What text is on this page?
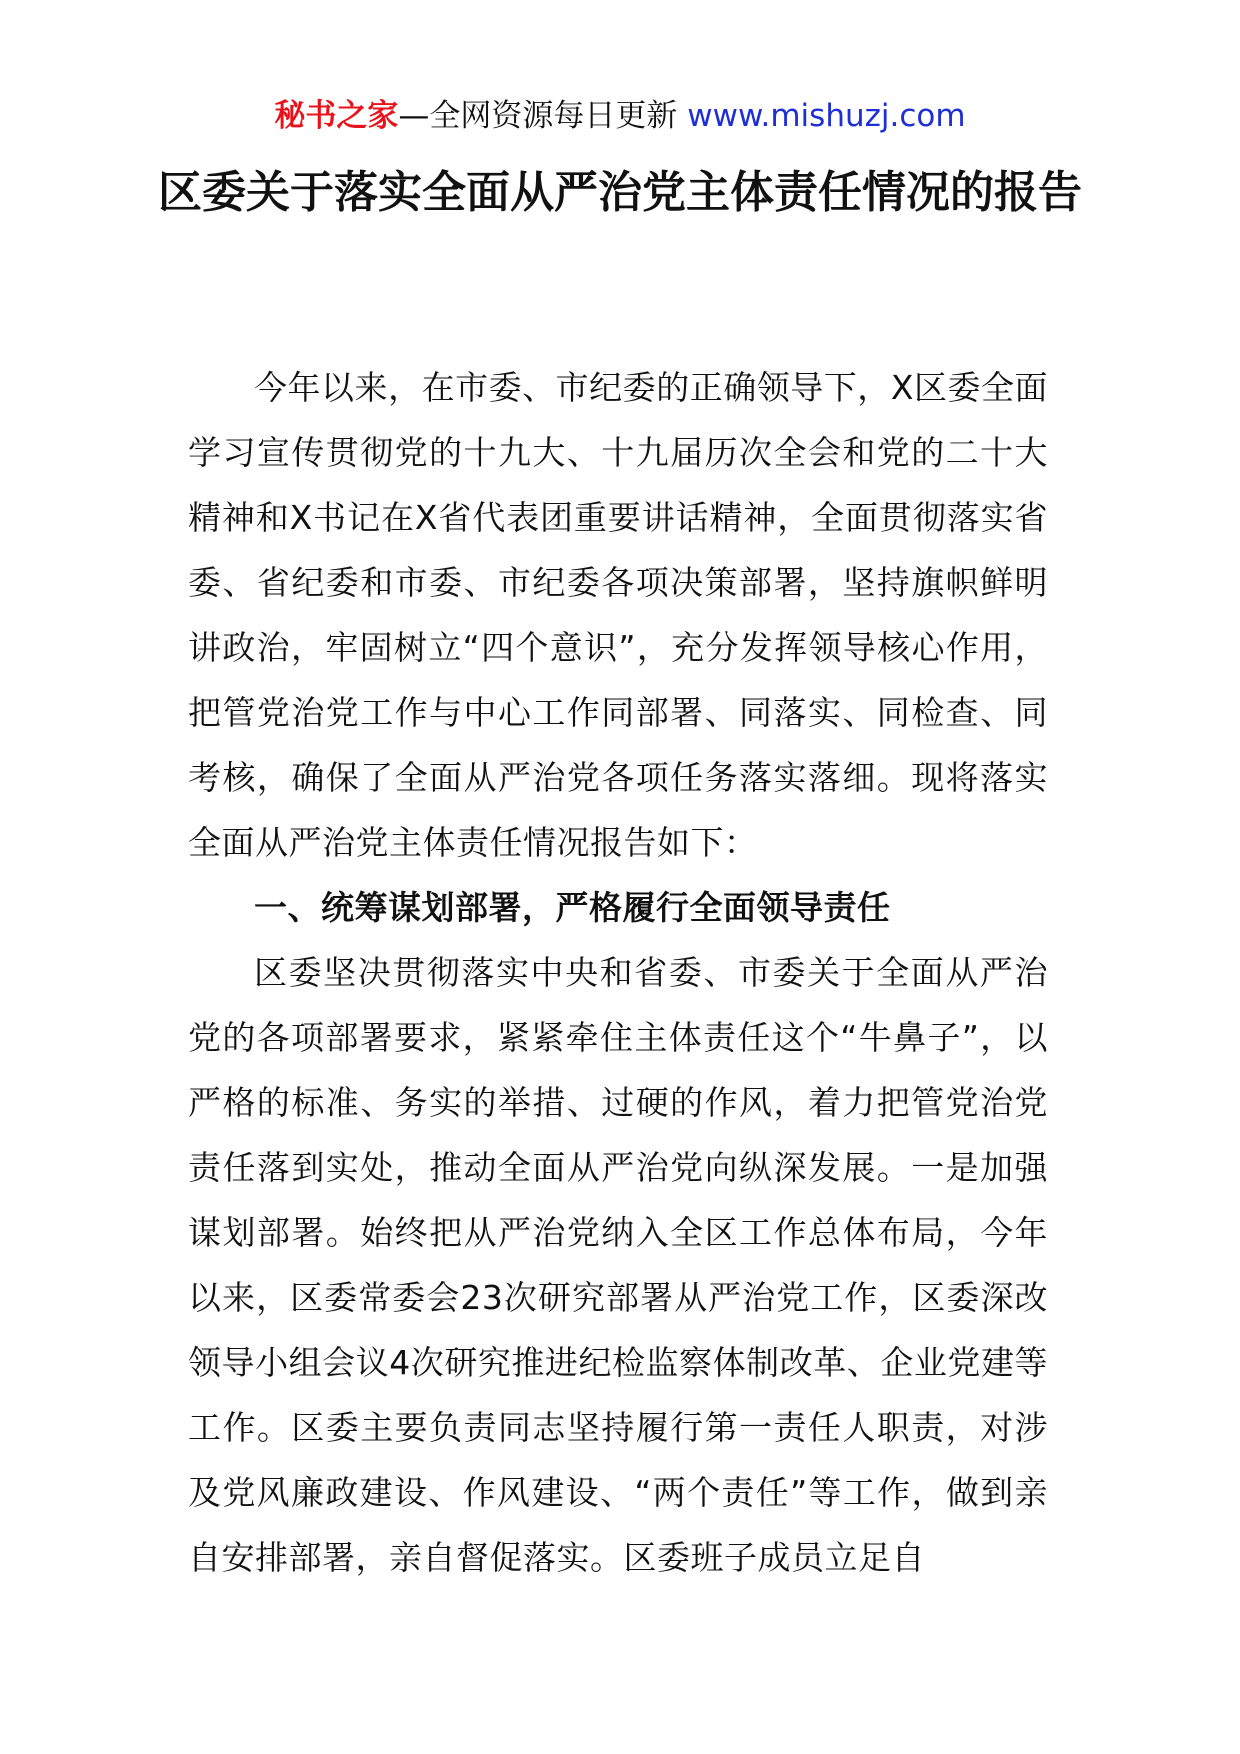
秘书之家—全网资源每日更新 www.mishuzj.com
区委关于落实全面从严治党主体责任情况的报告

今年以来，在市委、市纪委的正确领导下，X区委全面学习宣传贯彻党的十九大、十九届历次全会和党的二十大精神和X书记在X省代表团重要讲话精神，全面贯彻落实省委、省纪委和市委、市纪委各项决策部署，坚持旗帜鲜明讲政治，牢固树立“四个意识”，充分发挥领导核心作用，把管党治党工作与中心工作同部署、同落实、同检查、同考核，确保了全面从严治党各项任务落实落细。现将落实全面从严治党主体责任情况报告如下：

一、统筹谋划部署，严格履行全面领导责任

区委坚决贯彻落实中央和省委、市委关于全面从严治党的各项部署要求，紧紧牵住主体责任这个“牛鼻子”，以严格的标准、务实的举措、过硬的作风，着力把管党治党责任落到实处，推动全面从严治党向纵深发展。一是加强谋划部署。始终把从严治党纳入全区工作总体布局，今年以来，区委常委会23次研究部署从严治党工作，区委深改领导小组会议4次研究推进纪检监察体制改革、企业党建等工作。区委主要负责同志坚持履行第一责任人职责，对涉及党风廉政建设、作风建设、“两个责任”等工作，做到亲自安排部署，亲自督促落实。区委班子成员立足自
